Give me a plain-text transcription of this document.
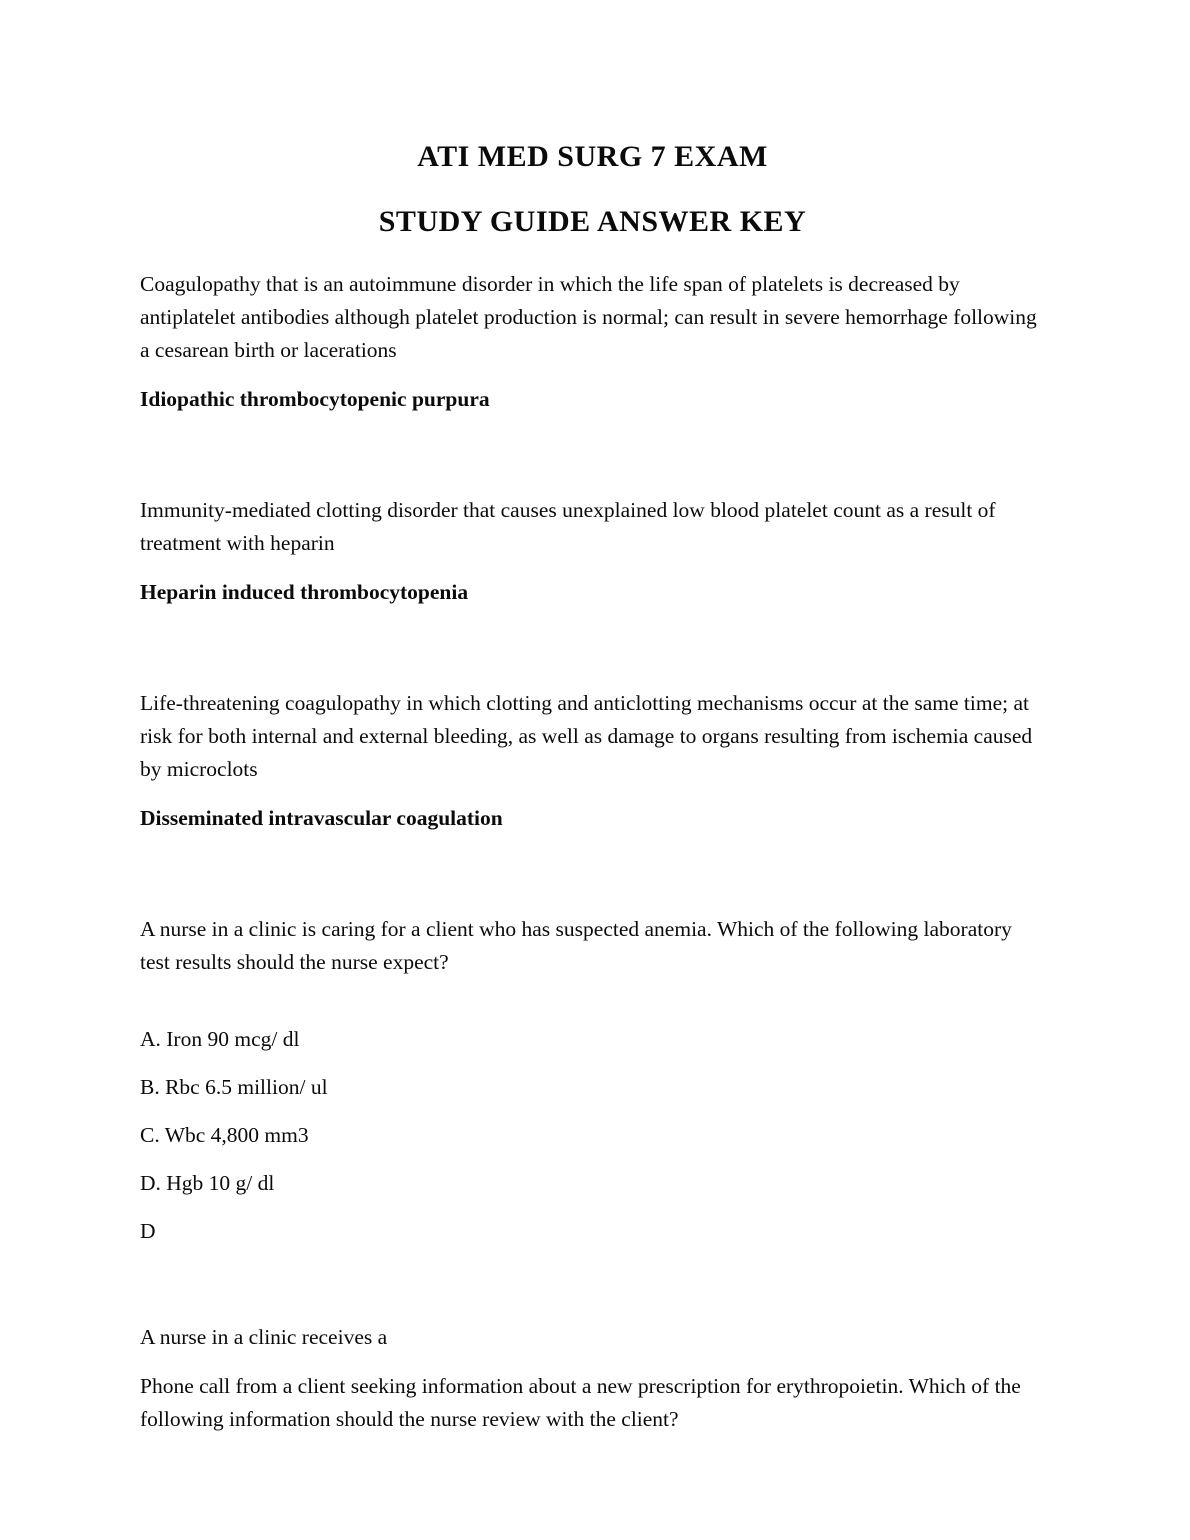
ATI MED SURG 7 EXAM
STUDY GUIDE ANSWER KEY

Coagulopathy that is an autoimmune disorder in which the life span of platelets is decreased by antiplatelet antibodies although platelet production is normal; can result in severe hemorrhage following a cesarean birth or lacerations

Idiopathic thrombocytopenic purpura

Immunity-mediated clotting disorder that causes unexplained low blood platelet count as a result of treatment with heparin

Heparin induced thrombocytopenia

Life-threatening coagulopathy in which clotting and anticlotting mechanisms occur at the same time; at risk for both internal and external bleeding, as well as damage to organs resulting from ischemia caused by microclots

Disseminated intravascular coagulation

A nurse in a clinic is caring for a client who has suspected anemia. Which of the following laboratory test results should the nurse expect?

A. Iron 90 mcg/ dl

B. Rbc 6.5 million/ ul

C. Wbc 4,800 mm3

D. Hgb 10 g/ dl

D

A nurse in a clinic receives a

Phone call from a client seeking information about a new prescription for erythropoietin. Which of the following information should the nurse review with the client?
